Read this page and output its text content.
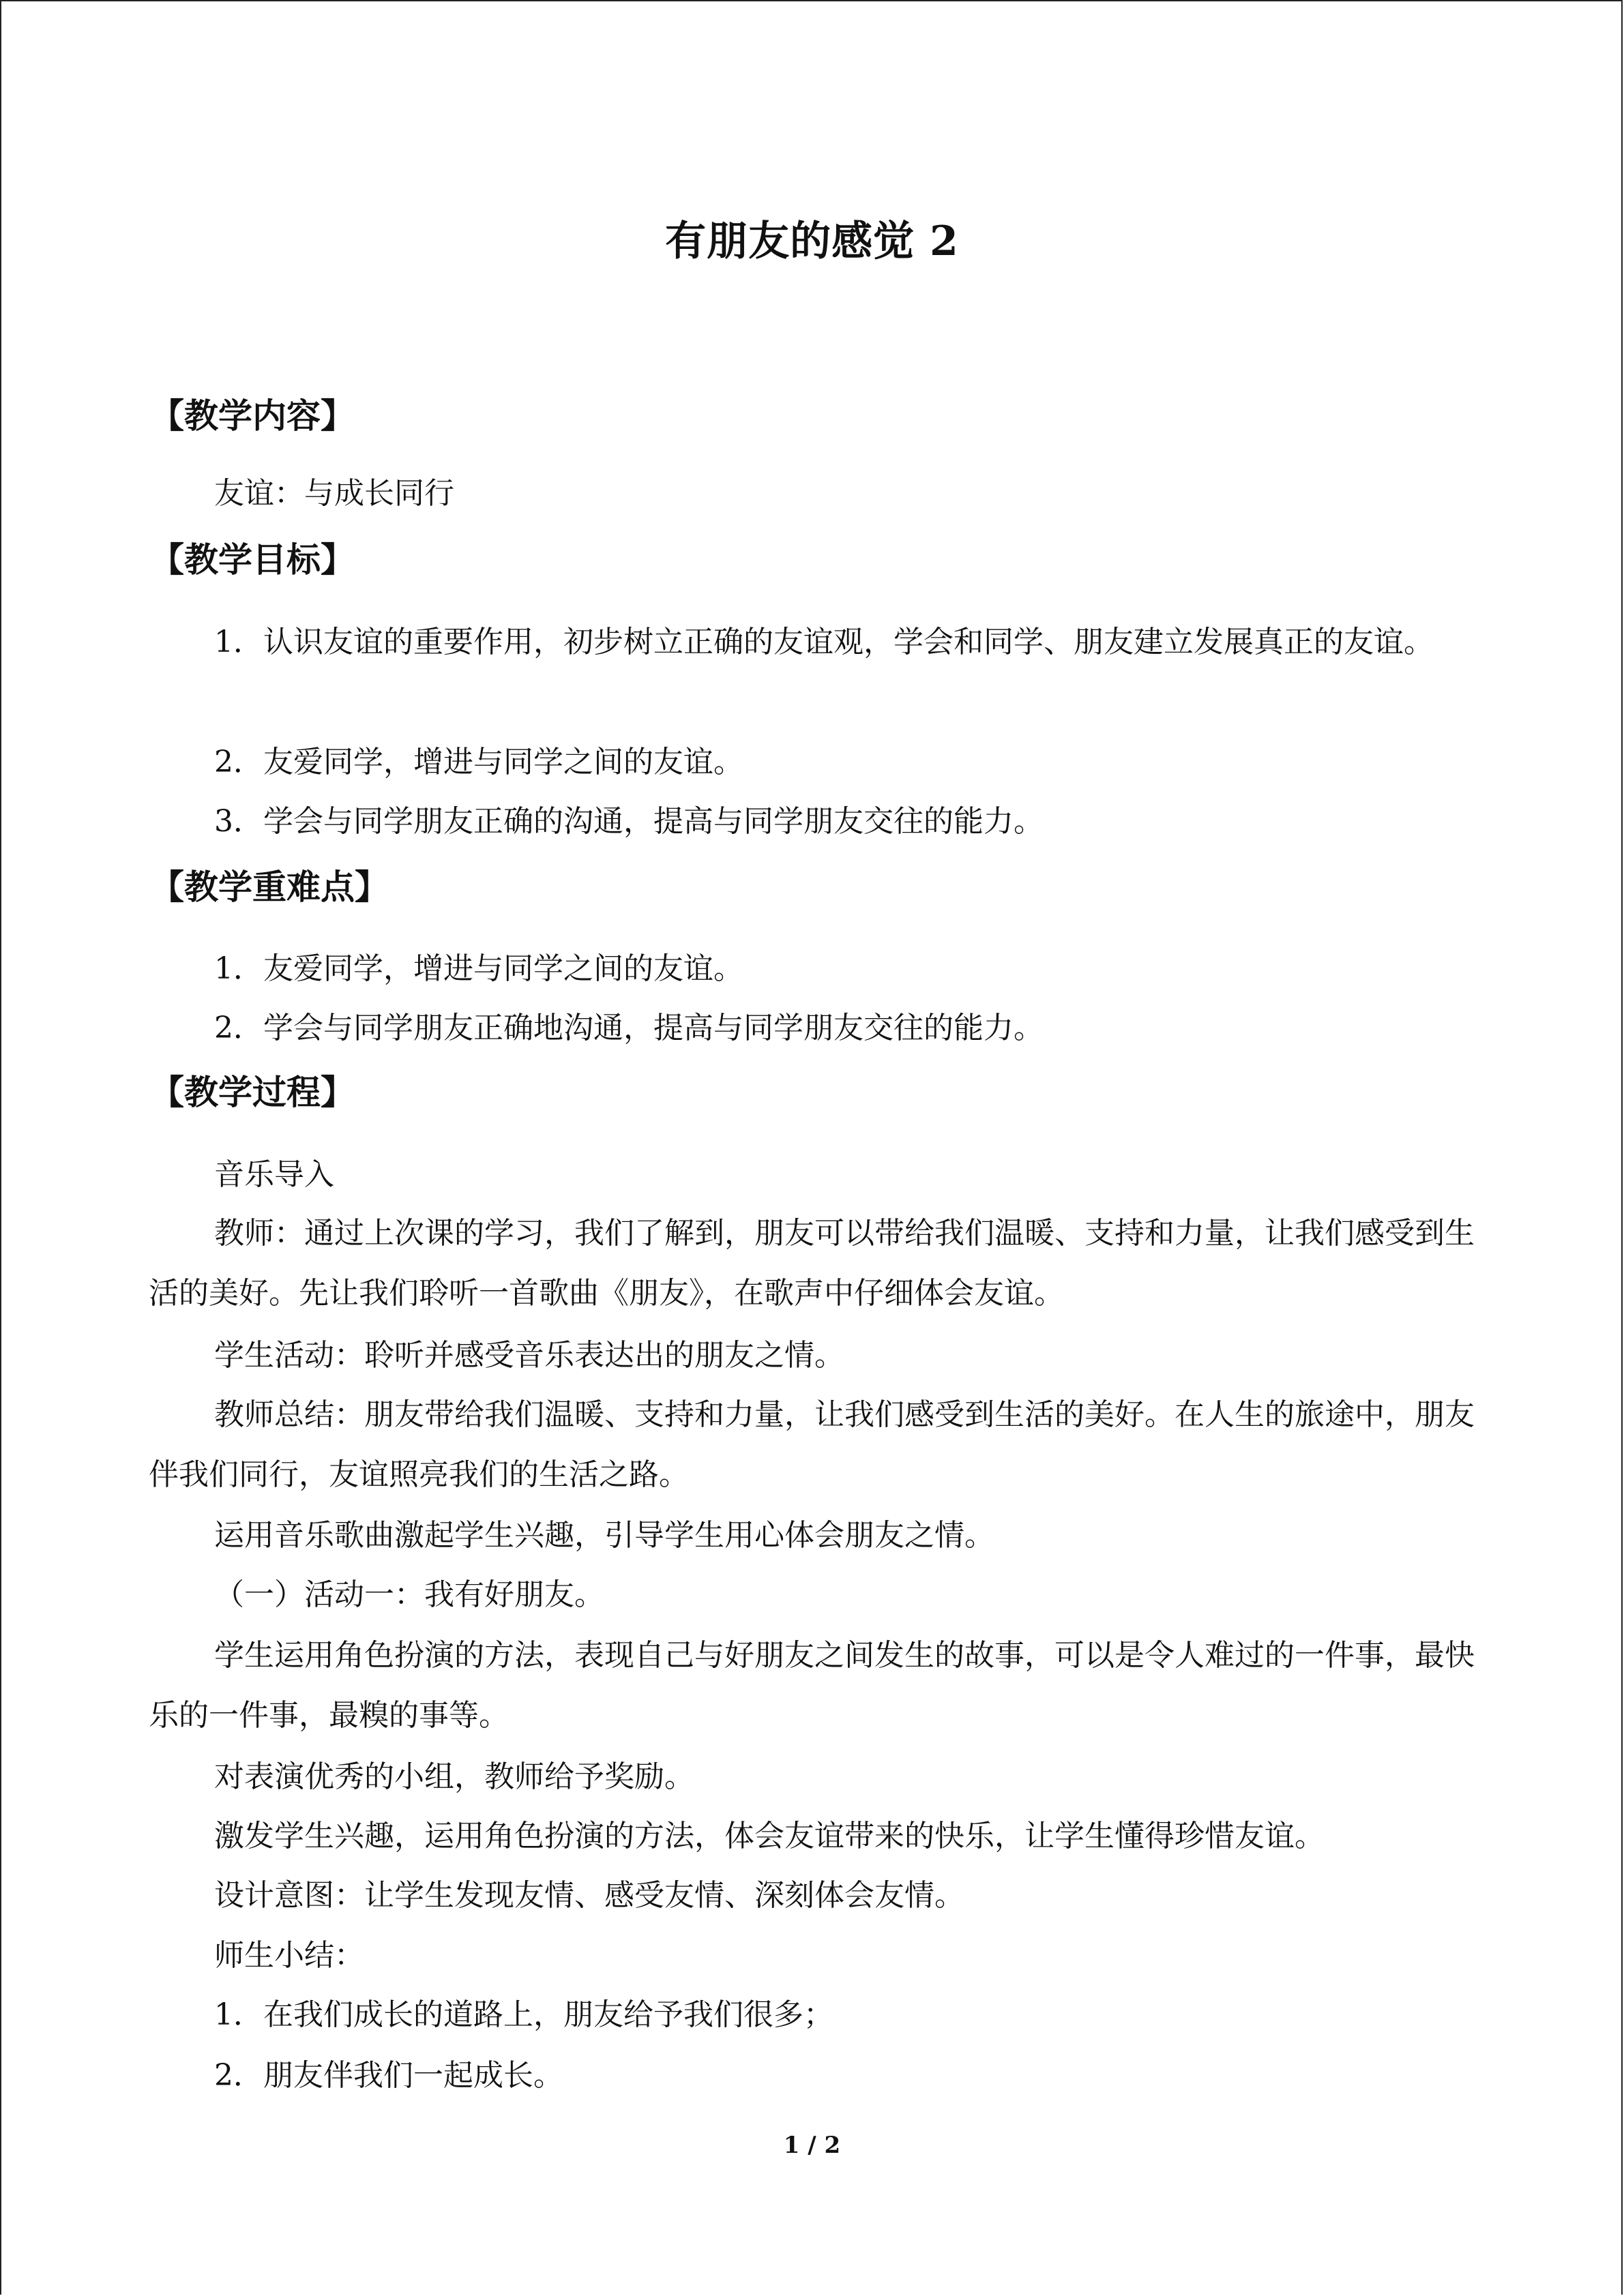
有朋友的感觉 2
【教学内容】
友谊：与成长同行
【教学目标】
1．认识友谊的重要作用，初步树立正确的友谊观，学会和同学、朋友建立发展真正的友谊。
2．友爱同学，增进与同学之间的友谊。
3．学会与同学朋友正确的沟通，提高与同学朋友交往的能力。
【教学重难点】
1．友爱同学，增进与同学之间的友谊。
2．学会与同学朋友正确地沟通，提高与同学朋友交往的能力。
【教学过程】
音乐导入
教师：通过上次课的学习，我们了解到，朋友可以带给我们温暖、支持和力量，让我们感受到生活的美好。先让我们聆听一首歌曲《朋友》，在歌声中仔细体会友谊。
学生活动：聆听并感受音乐表达出的朋友之情。
教师总结：朋友带给我们温暖、支持和力量，让我们感受到生活的美好。在人生的旅途中，朋友伴我们同行，友谊照亮我们的生活之路。
运用音乐歌曲激起学生兴趣，引导学生用心体会朋友之情。
（一）活动一：我有好朋友。
学生运用角色扮演的方法，表现自己与好朋友之间发生的故事，可以是令人难过的一件事，最快乐的一件事，最糗的事等。
对表演优秀的小组，教师给予奖励。
激发学生兴趣，运用角色扮演的方法，体会友谊带来的快乐，让学生懂得珍惜友谊。
设计意图：让学生发现友情、感受友情、深刻体会友情。
师生小结：
1．在我们成长的道路上，朋友给予我们很多；
2．朋友伴我们一起成长。
1 / 2
